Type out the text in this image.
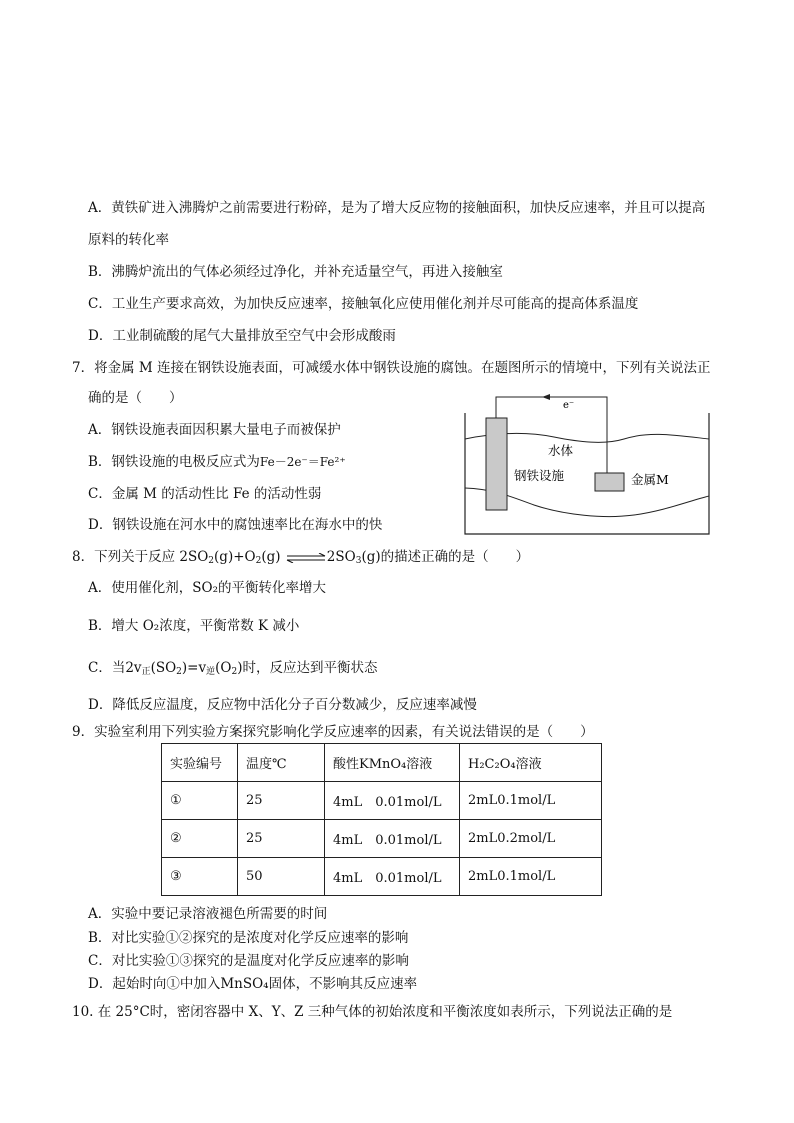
A．黄铁矿进入沸腾炉之前需要进行粉碎，是为了增大反应物的接触面积，加快反应速率，并且可以提高
原料的转化率
B．沸腾炉流出的气体必须经过净化，并补充适量空气，再进入接触室
C．工业生产要求高效，为加快反应速率，接触氧化应使用催化剂并尽可能高的提高体系温度
D．工业制硫酸的尾气大量排放至空气中会形成酸雨
7．将金属 M 连接在钢铁设施表面，可减缓水体中钢铁设施的腐蚀。在题图所示的情境中，下列有关说法正
确的是（　　）
A．钢铁设施表面因积累大量电子而被保护
B．钢铁设施的电极反应式为Fe－2e⁻＝Fe²⁺
C．金属 M 的活动性比 Fe 的活动性弱
D．钢铁设施在河水中的腐蚀速率比在海水中的快
e⁻
水体
钢铁设施	金属M
8．下列关于反应 $2SO_2(g)+O_2(g)$ $\rightleftharpoons 2SO_3(g)$的描述正确的是（　　）
A．使用催化剂，SO₂的平衡转化率增大
B．增大 O₂浓度，平衡常数 K 减小
C．当$2v_正(SO_2)=v_逆(O_2)$时，反应达到平衡状态
D．降低反应温度，反应物中活化分子百分数减少，反应速率减慢
9．实验室利用下列实验方案探究影响化学反应速率的因素，有关说法错误的是（　　）
实验编号	温度℃	酸性KMnO₄溶液	H₂C₂O₄溶液
①	25	4mL　0.01mol/L	2mL0.1mol/L
②	25	4mL　0.01mol/L	2mL0.2mol/L
③	50	4mL　0.01mol/L	2mL0.1mol/L
A．实验中要记录溶液褪色所需要的时间
B．对比实验①②探究的是浓度对化学反应速率的影响
C．对比实验①③探究的是温度对化学反应速率的影响
D．起始时向①中加入MnSO₄固体，不影响其反应速率
10. 在 25°C时，密闭容器中 X、Y、Z 三种气体的初始浓度和平衡浓度如表所示，下列说法正确的是
